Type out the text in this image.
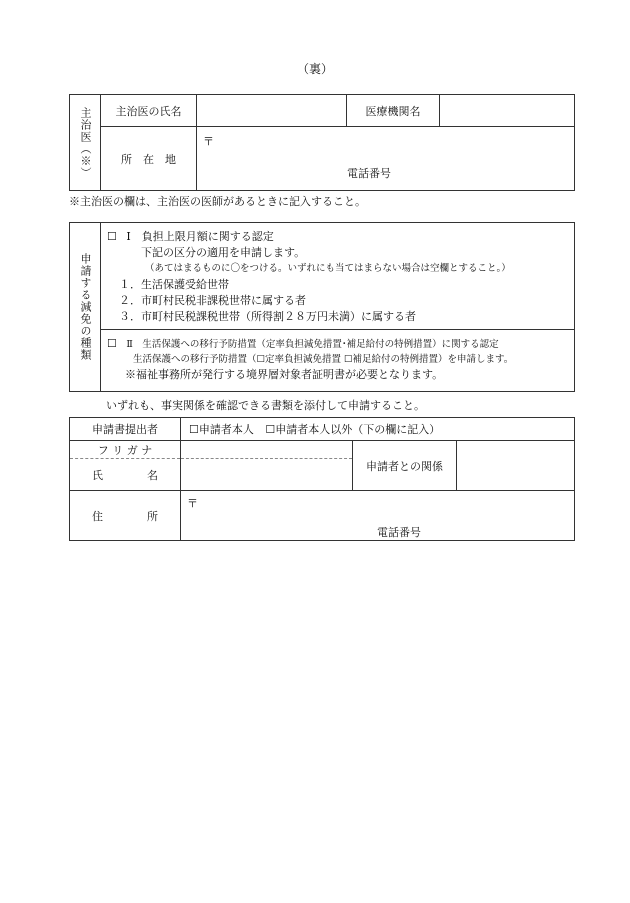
（裏）
主治医（※）	主治医の氏名		医療機関名	
	所　在　地	〒
電話番号		
※主治医の欄は、主治医の医師があるときに記入すること。
申請する減免の種類

☐ Ⅰ　負担上限月額に関する認定
下記の区分の適用を申請します。
（あてはまるものに〇をつける。いずれにも当てはまらない場合は空欄とすること。）
１．生活保護受給世帯
２．市町村民税非課税世帯に属する者
３．市町村民税課税世帯（所得割２８万円未満）に属する者

☐ Ⅱ　生活保護への移行予防措置（定率負担減免措置･補足給付の特例措置）に関する認定
生活保護への移行予防措置（☐定率負担減免措置 ☐補足給付の特例措置）を申請します。
※福祉事務所が発行する境界層対象者証明書が必要となります。
いずれも、事実関係を確認できる書類を添付して申請すること。
申請書提出者	☐申請者本人 ☐申請者本人以外（下の欄に記入）		
フ リ ガ ナ		申請者との関係	
氏　　　　名			
住　　　　所	〒
電話番号		
